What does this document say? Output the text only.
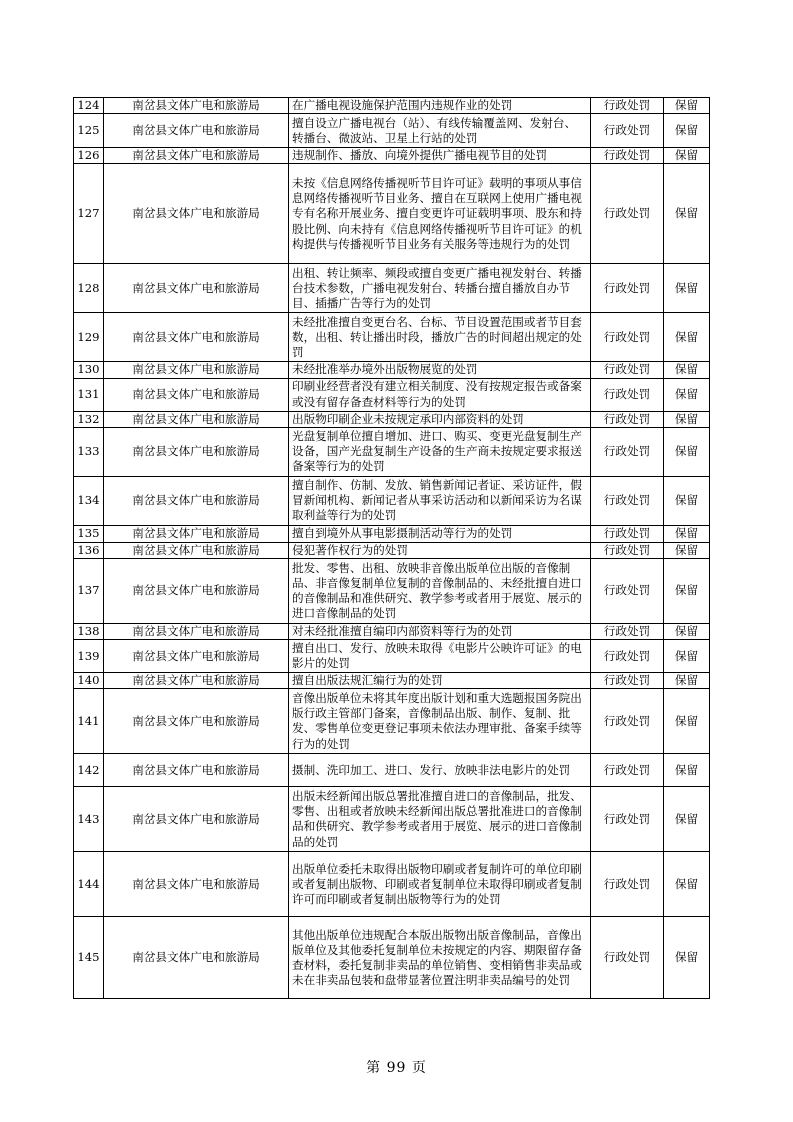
124	南岔县文体广电和旅游局	在广播电视设施保护范围内违规作业的处罚	行政处罚	保留
125	南岔县文体广电和旅游局	擅自设立广播电视台（站）、有线传输覆盖网、发射台、转播台、微波站、卫星上行站的处罚	行政处罚	保留
126	南岔县文体广电和旅游局	违规制作、播放、向境外提供广播电视节目的处罚	行政处罚	保留
127	南岔县文体广电和旅游局	未按《信息网络传播视听节目许可证》载明的事项从事信息网络传播视听节目业务、擅自在互联网上使用广播电视专有名称开展业务、擅自变更许可证载明事项、股东和持股比例、向未持有《信息网络传播视听节目许可证》的机构提供与传播视听节目业务有关服务等违规行为的处罚	行政处罚	保留
128	南岔县文体广电和旅游局	出租、转让频率、频段或擅自变更广播电视发射台、转播台技术参数，广播电视发射台、转播台擅自播放自办节目、插播广告等行为的处罚	行政处罚	保留
129	南岔县文体广电和旅游局	未经批准擅自变更台名、台标、节目设置范围或者节目套数，出租、转让播出时段，播放广告的时间超出规定的处罚	行政处罚	保留
130	南岔县文体广电和旅游局	未经批准举办境外出版物展览的处罚	行政处罚	保留
131	南岔县文体广电和旅游局	印刷业经营者没有建立相关制度、没有按规定报告或备案或没有留存备查材料等行为的处罚	行政处罚	保留
132	南岔县文体广电和旅游局	出版物印刷企业未按规定承印内部资料的处罚	行政处罚	保留
133	南岔县文体广电和旅游局	光盘复制单位擅自增加、进口、购买、变更光盘复制生产设备，国产光盘复制生产设备的生产商未按规定要求报送备案等行为的处罚	行政处罚	保留
134	南岔县文体广电和旅游局	擅自制作、仿制、发放、销售新闻记者证、采访证件，假冒新闻机构、新闻记者从事采访活动和以新闻采访为名谋取利益等行为的处罚	行政处罚	保留
135	南岔县文体广电和旅游局	擅自到境外从事电影摄制活动等行为的处罚	行政处罚	保留
136	南岔县文体广电和旅游局	侵犯著作权行为的处罚	行政处罚	保留
137	南岔县文体广电和旅游局	批发、零售、出租、放映非音像出版单位出版的音像制品、非音像复制单位复制的音像制品的、未经批擅自进口的音像制品和准供研究、教学参考或者用于展览、展示的进口音像制品的处罚	行政处罚	保留
138	南岔县文体广电和旅游局	对未经批准擅自编印内部资料等行为的处罚	行政处罚	保留
139	南岔县文体广电和旅游局	擅自出口、发行、放映未取得《电影片公映许可证》的电影片的处罚	行政处罚	保留
140	南岔县文体广电和旅游局	擅自出版法规汇编行为的处罚	行政处罚	保留
141	南岔县文体广电和旅游局	音像出版单位未将其年度出版计划和重大选题报国务院出版行政主管部门备案，音像制品出版、制作、复制、批发、零售单位变更登记事项未依法办理审批、备案手续等行为的处罚	行政处罚	保留
142	南岔县文体广电和旅游局	摄制、洗印加工、进口、发行、放映非法电影片的处罚	行政处罚	保留
143	南岔县文体广电和旅游局	出版未经新闻出版总署批准擅自进口的音像制品，批发、零售、出租或者放映未经新闻出版总署批准进口的音像制品和供研究、教学参考或者用于展览、展示的进口音像制品的处罚	行政处罚	保留
144	南岔县文体广电和旅游局	出版单位委托未取得出版物印刷或者复制许可的单位印刷或者复制出版物、印刷或者复制单位未取得印刷或者复制许可而印刷或者复制出版物等行为的处罚	行政处罚	保留
145	南岔县文体广电和旅游局	其他出版单位违规配合本版出版物出版音像制品，音像出版单位及其他委托复制单位未按规定的内容、期限留存备查材料，委托复制非卖品的单位销售、变相销售非卖品或未在非卖品包装和盘带显著位置注明非卖品编号的处罚	行政处罚	保留
第 99 页
